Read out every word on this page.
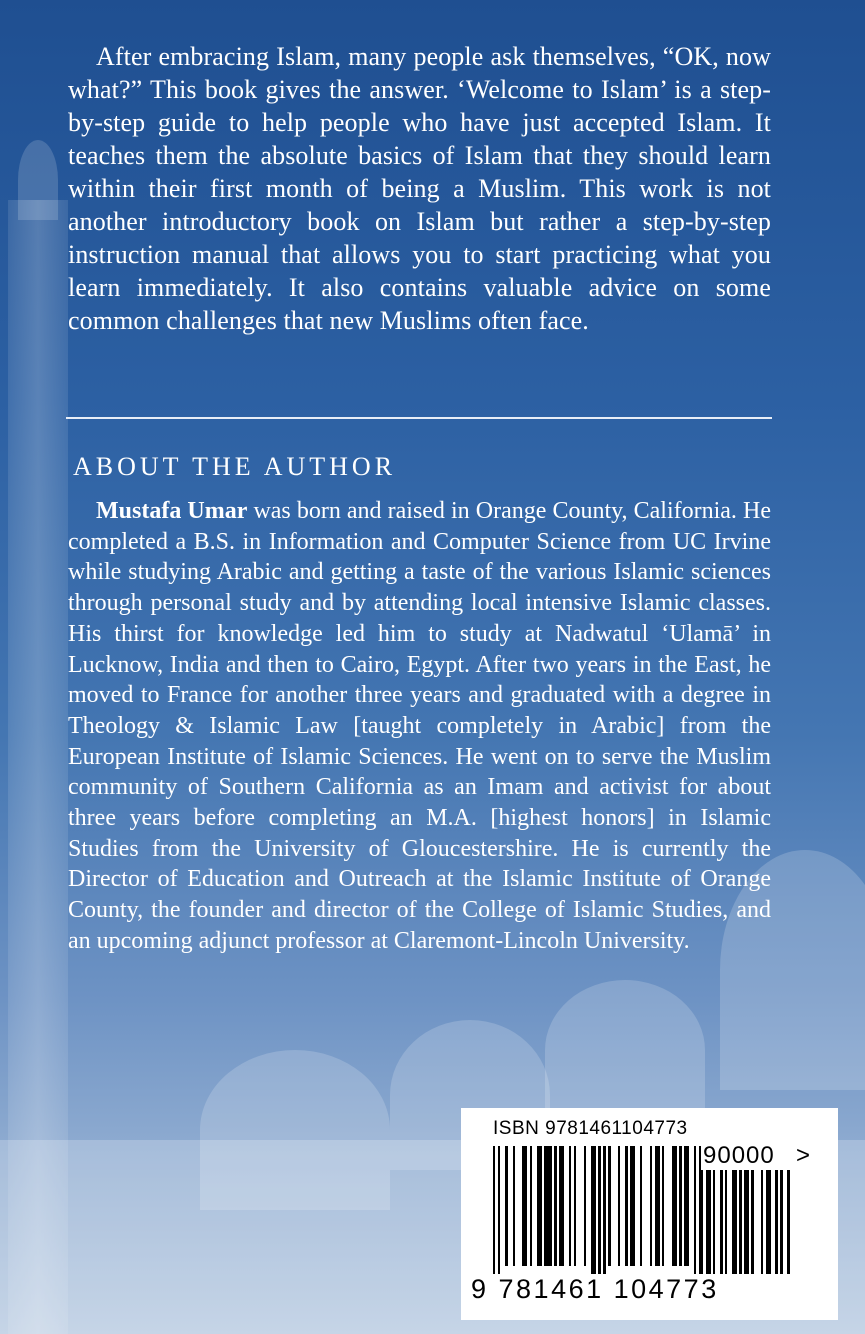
After embracing Islam, many people ask themselves, “OK, now what?” This book gives the answer. ‘Welcome to Islam’ is a step-by-step guide to help people who have just accepted Islam. It teaches them the absolute basics of Islam that they should learn within their first month of being a Muslim. This work is not another introductory book on Islam but rather a step-by-step instruction manual that allows you to start practicing what you learn immediately. It also contains valuable advice on some common challenges that new Muslims often face.

ABOUT THE AUTHOR

Mustafa Umar was born and raised in Orange County, California. He completed a B.S. in Information and Computer Science from UC Irvine while studying Arabic and getting a taste of the various Islamic sciences through personal study and by attending local intensive Islamic classes. His thirst for knowledge led him to study at Nadwatul ‘Ulamā’ in Lucknow, India and then to Cairo, Egypt. After two years in the East, he moved to France for another three years and graduated with a degree in Theology & Islamic Law [taught completely in Arabic] from the European Institute of Islamic Sciences. He went on to serve the Muslim community of Southern California as an Imam and activist for about three years before completing an M.A. [highest honors] in Islamic Studies from the University of Gloucestershire. He is currently the Director of Education and Outreach at the Islamic Institute of Orange County, the founder and director of the College of Islamic Studies, and an upcoming adjunct professor at Claremont-Lincoln University.

ISBN 9781461104773
90000 >
9 781461 104773
